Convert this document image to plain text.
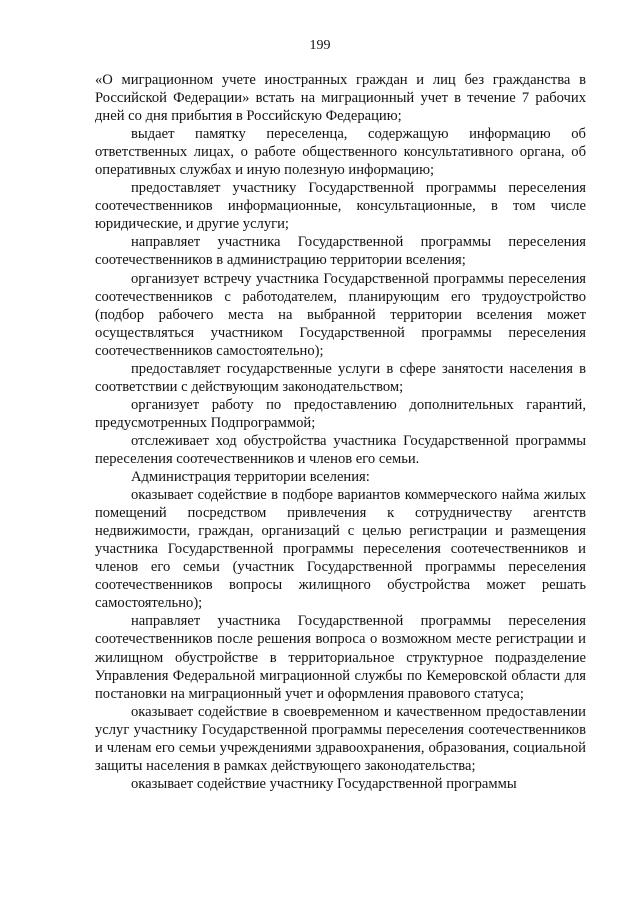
199

«О миграционном учете иностранных граждан и лиц без гражданства в Российской Федерации» встать на миграционный учет в течение 7 рабочих дней со дня прибытия в Российскую Федерацию;

выдает памятку переселенца, содержащую информацию об ответственных лицах, о работе общественного консультативного органа, об оперативных службах и иную полезную информацию;

предоставляет участнику Государственной программы переселения соотечественников информационные, консультационные, в том числе юридические, и другие услуги;

направляет участника Государственной программы переселения соотечественников в администрацию территории вселения;

организует встречу участника Государственной программы переселения соотечественников с работодателем, планирующим его трудоустройство (подбор рабочего места на выбранной территории вселения может осуществляться участником Государственной программы переселения соотечественников самостоятельно);

предоставляет государственные услуги в сфере занятости населения в соответствии с действующим законодательством;

организует работу по предоставлению дополнительных гарантий, предусмотренных Подпрограммой;

отслеживает ход обустройства участника Государственной программы переселения соотечественников и членов его семьи.

Администрация территории вселения:

оказывает содействие в подборе вариантов коммерческого найма жилых помещений посредством привлечения к сотрудничеству агентств недвижимости, граждан, организаций с целью регистрации и размещения участника Государственной программы переселения соотечественников и членов его семьи (участник Государственной программы переселения соотечественников вопросы жилищного обустройства может решать самостоятельно);

направляет участника Государственной программы переселения соотечественников после решения вопроса о возможном месте регистрации и жилищном обустройстве в территориальное структурное подразделение Управления Федеральной миграционной службы по Кемеровской области для постановки на миграционный учет и оформления правового статуса;

оказывает содействие в своевременном и качественном предоставлении услуг участнику Государственной программы переселения соотечественников и членам его семьи учреждениями здравоохранения, образования, социальной защиты населения в рамках действующего законодательства;

оказывает содействие участнику Государственной программы
